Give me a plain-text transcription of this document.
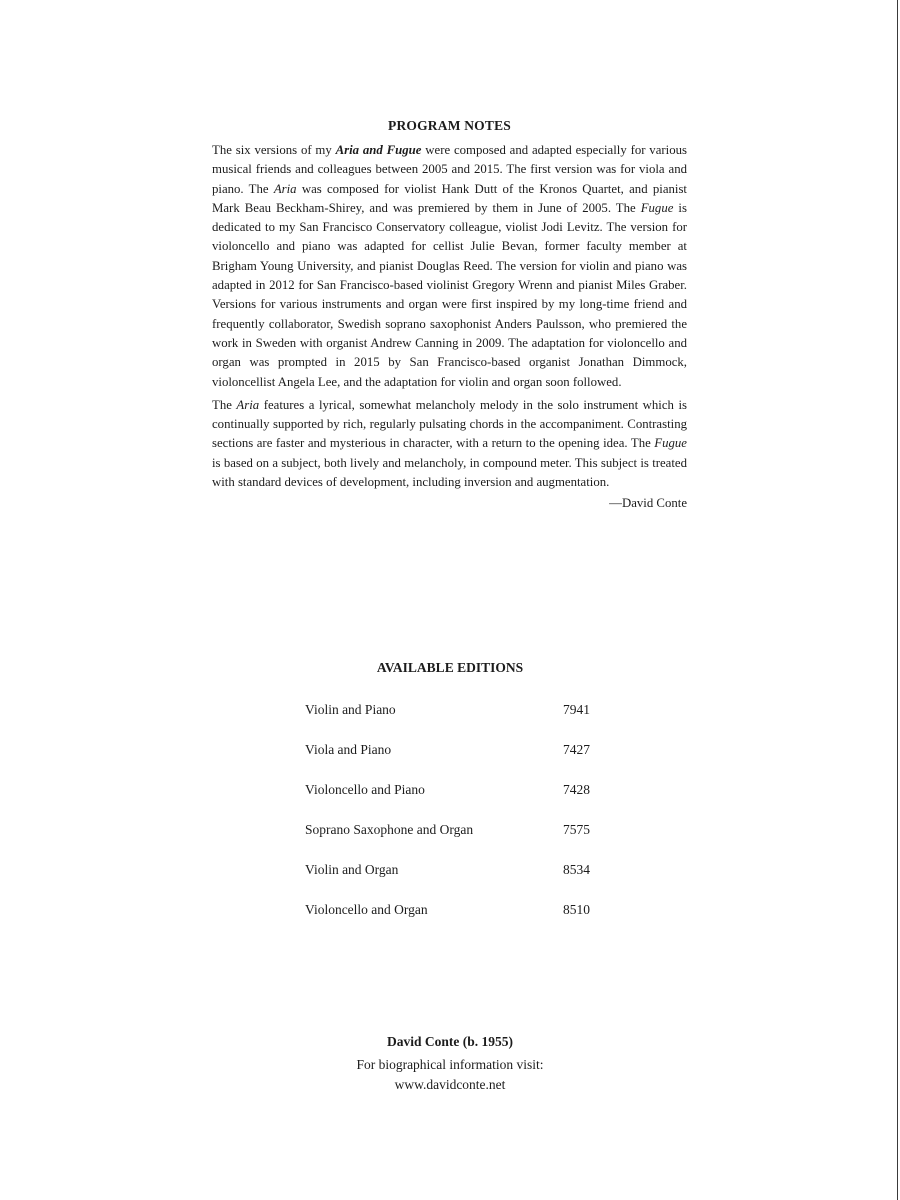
PROGRAM NOTES

The six versions of my Aria and Fugue were composed and adapted especially for various musical friends and colleagues between 2005 and 2015. The first version was for viola and piano. The Aria was composed for violist Hank Dutt of the Kronos Quartet, and pianist Mark Beau Beckham-Shirey, and was premiered by them in June of 2005. The Fugue is dedicated to my San Francisco Conservatory colleague, violist Jodi Levitz. The version for violoncello and piano was adapted for cellist Julie Bevan, former faculty member at Brigham Young University, and pianist Douglas Reed. The version for violin and piano was adapted in 2012 for San Francisco-based violinist Gregory Wrenn and pianist Miles Graber. Versions for various instruments and organ were first inspired by my long-time friend and frequently collaborator, Swedish soprano saxophonist Anders Paulsson, who premiered the work in Sweden with organist Andrew Canning in 2009. The adaptation for violoncello and organ was prompted in 2015 by San Francisco-based organist Jonathan Dimmock, violoncellist Angela Lee, and the adaptation for violin and organ soon followed.

The Aria features a lyrical, somewhat melancholy melody in the solo instrument which is continually supported by rich, regularly pulsating chords in the accompaniment. Contrasting sections are faster and mysterious in character, with a return to the opening idea. The Fugue is based on a subject, both lively and melancholy, in compound meter. This subject is treated with standard devices of development, including inversion and augmentation.

—David Conte
AVAILABLE EDITIONS
Violin and Piano	7941
Viola and Piano	7427
Violoncello and Piano	7428
Soprano Saxophone and Organ	7575
Violin and Organ	8534
Violoncello and Organ	8510
David Conte (b. 1955)
For biographical information visit:
www.davidconte.net
